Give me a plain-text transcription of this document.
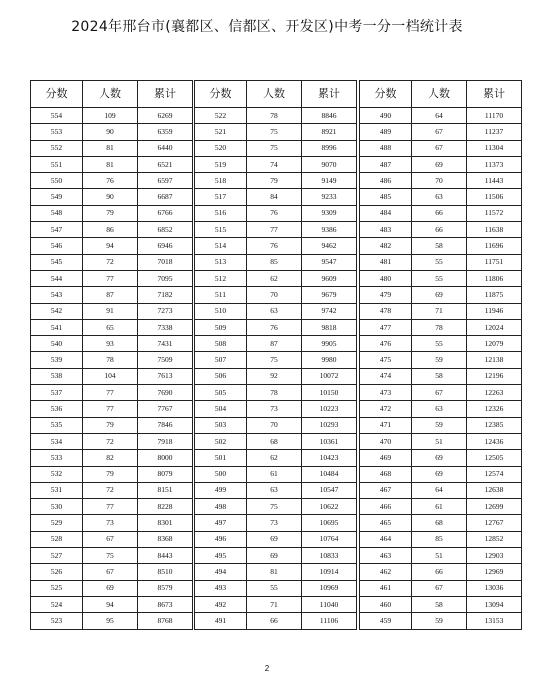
2024年邢台市(襄都区、信都区、开发区)中考一分一档统计表
分数	人数	累计
554	109	6269
553	90	6359
552	81	6440
551	81	6521
550	76	6597
549	90	6687
548	79	6766
547	86	6852
546	94	6946
545	72	7018
544	77	7095
543	87	7182
542	91	7273
541	65	7338
540	93	7431
539	78	7509
538	104	7613
537	77	7690
536	77	7767
535	79	7846
534	72	7918
533	82	8000
532	79	8079
531	72	8151
530	77	8228
529	73	8301
528	67	8368
527	75	8443
526	67	8510
525	69	8579
524	94	8673
523	95	8768
分数	人数	累计
522	78	8846
521	75	8921
520	75	8996
519	74	9070
518	79	9149
517	84	9233
516	76	9309
515	77	9386
514	76	9462
513	85	9547
512	62	9609
511	70	9679
510	63	9742
509	76	9818
508	87	9905
507	75	9980
506	92	10072
505	78	10150
504	73	10223
503	70	10293
502	68	10361
501	62	10423
500	61	10484
499	63	10547
498	75	10622
497	73	10695
496	69	10764
495	69	10833
494	81	10914
493	55	10969
492	71	11040
491	66	11106
分数	人数	累计
490	64	11170
489	67	11237
488	67	11304
487	69	11373
486	70	11443
485	63	11506
484	66	11572
483	66	11638
482	58	11696
481	55	11751
480	55	11806
479	69	11875
478	71	11946
477	78	12024
476	55	12079
475	59	12138
474	58	12196
473	67	12263
472	63	12326
471	59	12385
470	51	12436
469	69	12505
468	69	12574
467	64	12638
466	61	12699
465	68	12767
464	85	12852
463	51	12903
462	66	12969
461	67	13036
460	58	13094
459	59	13153
2
